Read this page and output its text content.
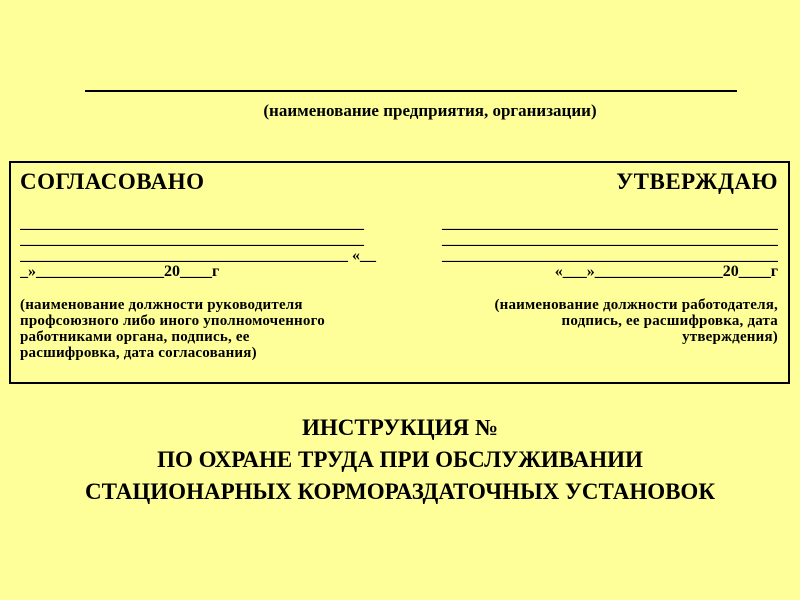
(наименование предприятия, организации)
СОГЛАСОВАНО
___________________________________________
___________________________________________
_________________________________________ «__
_»________________20____г
(наименование должности руководителя
профсоюзного либо иного уполномоченного
работниками органа, подпись, ее
расшифровка, дата согласования)
УТВЕРЖДАЮ
__________________________________________
__________________________________________
__________________________________________
«___»________________20____г
(наименование должности работодателя,
подпись, ее расшифровка, дата
утверждения)
ИНСТРУКЦИЯ №
ПО ОХРАНЕ ТРУДА ПРИ ОБСЛУЖИВАНИИ
СТАЦИОНАРНЫХ КОРМОРАЗДАТОЧНЫХ УСТАНОВОК
